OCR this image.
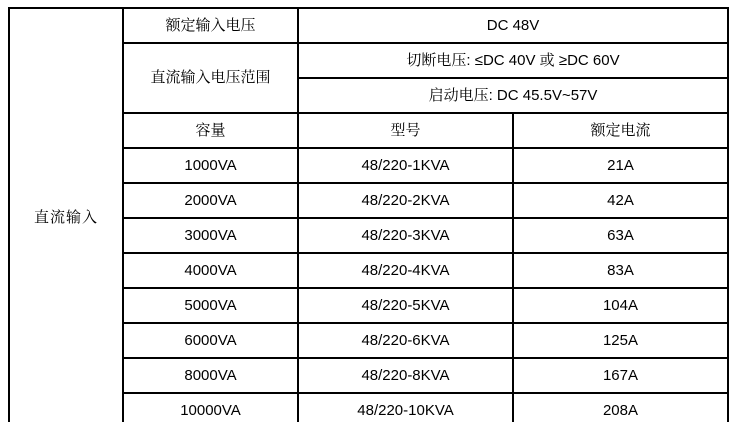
直流输入	额定输入电压	DC 48V	
	直流输入电压范围	切断电压: ≤DC 40V 或 ≥DC 60V	
		启动电压: DC 45.5V~57V	
	容量	型号	额定电流
	1000VA	48/220-1KVA	21A
	2000VA	48/220-2KVA	42A
	3000VA	48/220-3KVA	63A
	4000VA	48/220-4KVA	83A
	5000VA	48/220-5KVA	104A
	6000VA	48/220-6KVA	125A
	8000VA	48/220-8KVA	167A
	10000VA	48/220-10KVA	208A
